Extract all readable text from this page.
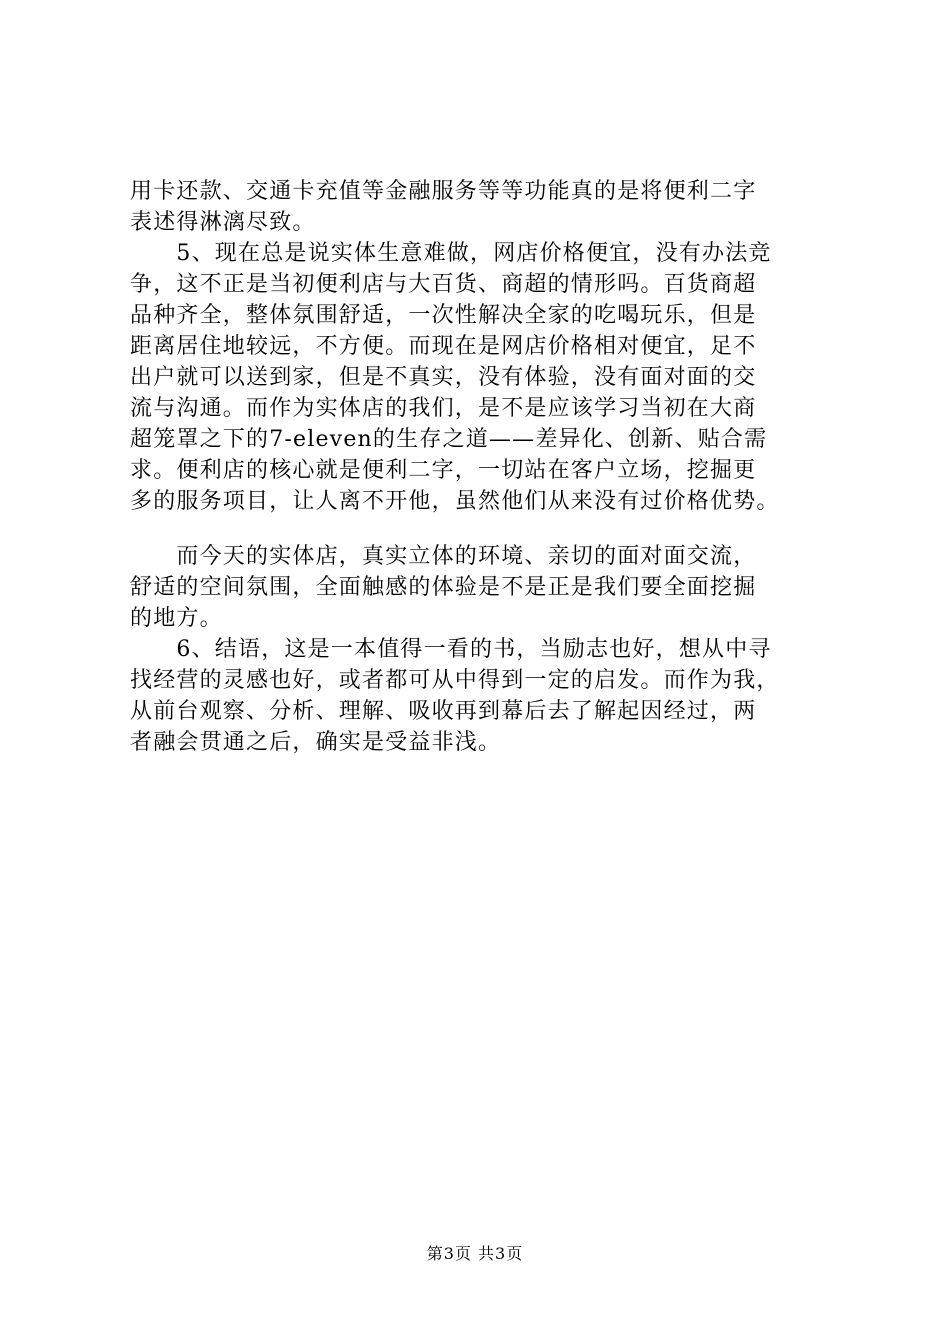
用卡还款、交通卡充值等金融服务等等功能真的是将便利二字
表述得淋漓尽致。
　　5、现在总是说实体生意难做，网店价格便宜，没有办法竞
争，这不正是当初便利店与大百货、商超的情形吗。百货商超
品种齐全，整体氛围舒适，一次性解决全家的吃喝玩乐，但是
距离居住地较远，不方便。而现在是网店价格相对便宜，足不
出户就可以送到家，但是不真实，没有体验，没有面对面的交
流与沟通。而作为实体店的我们，是不是应该学习当初在大商
超笼罩之下的7-eleven的生存之道——差异化、创新、贴合需
求。便利店的核心就是便利二字，一切站在客户立场，挖掘更
多的服务项目，让人离不开他，虽然他们从来没有过价格优势。
　　而今天的实体店，真实立体的环境、亲切的面对面交流，
舒适的空间氛围，全面触感的体验是不是正是我们要全面挖掘
的地方。
　　6、结语，这是一本值得一看的书，当励志也好，想从中寻
找经营的灵感也好，或者都可从中得到一定的启发。而作为我，
从前台观察、分析、理解、吸收再到幕后去了解起因经过，两
者融会贯通之后，确实是受益非浅。
第3页 共3页
